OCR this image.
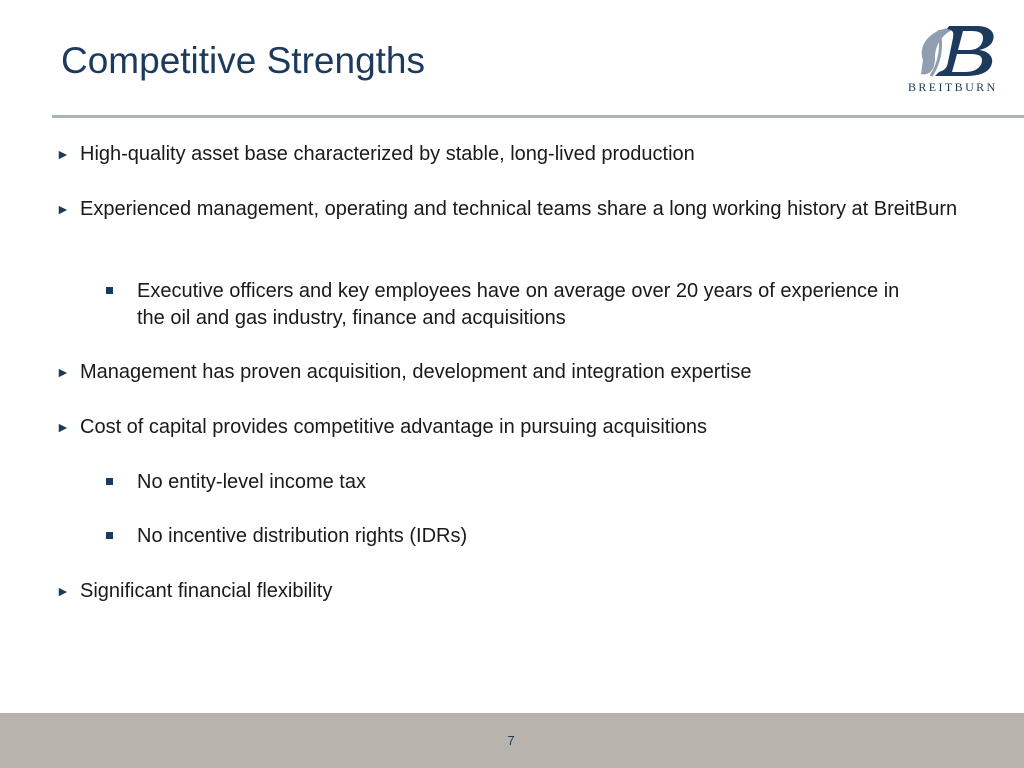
Competitive Strengths
BREITBURN
► High-quality asset base characterized by stable, long-lived production
► Experienced management, operating and technical teams share a long working history at BreitBurn
Executive officers and key employees have on average over 20 years of experience in the oil and gas industry, finance and acquisitions
► Management has proven acquisition, development and integration expertise
► Cost of capital provides competitive advantage in pursuing acquisitions
No entity-level income tax
No incentive distribution rights (IDRs)
► Significant financial flexibility
7
